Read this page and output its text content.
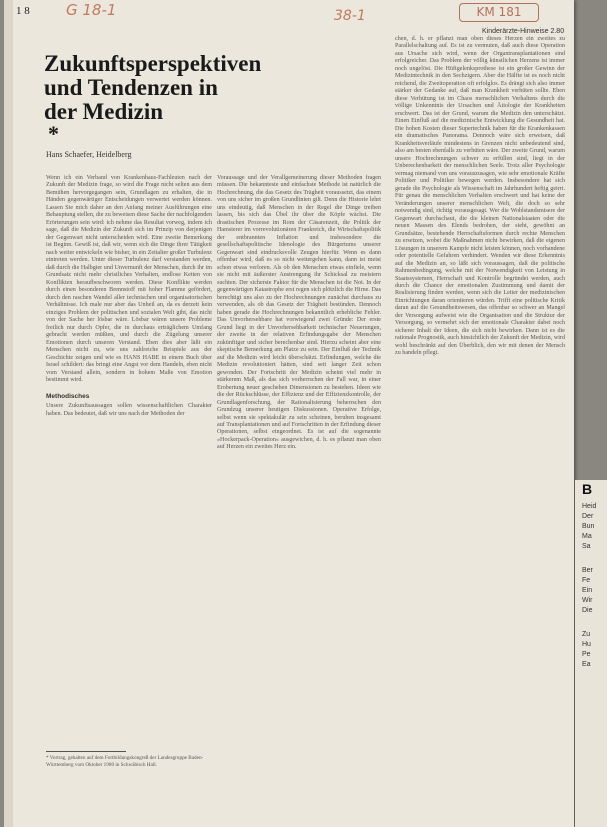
1 8 G 18-1	38-1	KM 181
Kinderärzte-Hinweise 2.80
Zukunftsperspektiven
und Tendenzen in
der Medizin
*
Hans Schaefer, Heidelberg

Wenn ich ein Verband von Krankenhaus-Fachleuten nach der Zukunft der Medizin frage, so wird die Frage nicht selten aus dem Bemühen hervorgegangen sein, Grundlagen zu erhalten, die in Händen gegenwärtiger Entscheidungen verwertet werden können. Lassen Sie mich daher an den Anfang meiner Ausführungen eine Behauptung stellen, die zu beweisen diese Sache der nachfolgenden Erörterungen sein wird: ich nehme das Resultat vorweg, indem ich sage, daß die Medizin der Zukunft sich im Prinzip von derjenigen der Gegenwart nicht unterscheiden wird. Eine zweite Bemerkung ist Beginn. Gewiß ist, daß wir, wenn sich die Dinge ihrer Tätigkeit nach weiter entwickeln wie bisher, in ein Zeitalter großer Turbulenz eintreten werden. Unter dieser Turbulenz darf verstanden werden, daß durch die Halbgier und Unvernunft der Menschen, durch ihr im Grundsatz nicht mehr christliches Verhalten, endlose Ketten von Konflikten heraufbeschworen werden. Diese Konflikte werden durch einen besonderen Brennstoff mit hoher Flamme gefördert, durch den raschen Wandel aller technischen und organisatorischen Verhältnisse. Ich male nur aber das Unheil an, da es derzeit kein einziges Problem der politischen und sozialen Welt gibt, das nicht von der Sache her lösbar wäre. Lösbar wären unsere Probleme freilich nur durch Opfer, die in durchaus erträglichem Umfang gebracht werden müßten, und durch die Zügelung unserer Emotionen durch unseren Verstand. Eben dies aber läßt ein Menschen nicht zu, wie uns zahlreiche Beispiele aus der Geschichte zeigen und wie es HANS HABE in einem Buch über Israel schildert: das bringt eine Angst vor dem Handeln, eben nicht vom Verstand allein, sondern in hohem Maße von Emotion bestimmt wird.

Methodisches

Unsere Zukunftsaussagen sollen wissenschaftlichen Charakter haben. Das bedeutet, daß wir uns nach der Methoden der

Voraussage und der Verallgemeinerung dieser Methoden fragen müssen. Die bekannteste und einfachste Methode ist natürlich die Hochrechnung, die das Gesetz des Trägheit voraussetzt, das einem von uns sicher im großen Grundlinien gilt. Denn die Historie lehrt uns eindeutig, daß Menschen in der Regel die Dinge treiben lassen, bis sich das Übel ihr über die Köpfe wächst. Die drastischen Prozesse im Rom der Cäsarenzeit, die Politik der Hamsterer im vorrevolutionären Frankreich, die Wirtschaftspolitik der entbrannten Inflation und insbesondere die gesellschaftspolitische Idenologie des Bürgertums unserer Gegenwart sind eindrucksvolle Zeugen hierfür. Wenn es dann offenbar wird, daß es so nicht weitergehen kann, dann ist meist schon etwas verloren. Als ob den Menschen etwas einfiele, wenn sie nicht mit äußerster Anstrengung ihr Schicksal zu meistern suchten. Der sicherste Faktor für die Menschen ist die Not. In der gegenwärtigen Katastrophe erst regen sich plötzlich die Hirne. Das berechtigt uns also zu der Hochrechnungen zunächst durchaus zu verwenden, als ob das Gesetz der Trägheit bestünden. Dennoch haben gerade die Hochrechnungen bekanntlich erhebliche Fehler. Das Unvorhersehbare hat vorwiegend zwei Gründe: Der erste Grund liegt in der Unvorhersehbarkeit technischer Neuerungen, der zweite in der relativen Erfindungsgabe der Menschen zukünftiger und sicher berechenbar sind. Hierzu scheint aber eine skeptische Bemerkung am Platze zu sein. Der Einfluß der Technik auf die Medizin wird leicht überschätzt. Erfindungen, welche die Medizin revolutioniert hätten, sind seit langer Zeit schon gewonden. Der Fortschritt der Medizin scheint viel mehr in stärkerem Maß, als das sich vorherrschen der Fall war, in einer Erobertung neuer geschehen Dimensionen zu bestehen. Ideen wie die der Rückschlüsse, der Effizienz und der Effizienzkontrolle, der Grundlagenforschung, der Rationalisierung beherrschen den Grundzug unserer heutigen Diskussionen. Operative Erfolge, selbst wenn sie spektakulär zu sein scheinen, beruhen insgesamt auf Transplantationen und auf Fortschritten in der Erfindung dieser Operationen, selbst eingeordnet. Es ist auf die sogenannte »Hockerpack-Operation« ausgewichen, d. h. es pflanzt man oben auf Herzen ein zweites Herz ein.

chen, d. h. er pflanzt man oben dieses Herzen ein zweites zu Parallelschaltung auf. Es ist zu vermuten, daß auch diese Operation aus Ursache sich wird, wenn der Organtransplantationen sind erfolgreicher. Das Problem der völlig künstlichen Herzens ist immer noch ungelöst. Die Hüftgelenksprothese ist ein großer Gewinn der Medizintechnik in den Sechzigern. Aber die Hälfte ist es noch nicht reichend, die Zweitoperation oft erfolglos. Es drängt sich also immer stärker der Gedanke auf, daß man Krankheit verhüten sollte. Eben diese Verhütung ist im Chaos menschlichen Verhaltens durch die völlige Unkenntnis der Ursachen und Ätiologie der Krankheiten erschwert. Das ist der Grund, warum die Medizin den unterschätzt. Einen Einfluß auf die medizinische Entwicklung die Gesundheit hat. Die hohen Kosten dieser Supertechnik haben für die Krankenkassen ein dramatisches Panorama. Dennoch wäre sich erweisen, daß Krankheitsverläufe mindestens in Grenzen nicht unbedeutend sind, also am besten ebenfalls zu verhüten wäre. Der zweite Grund, warum unsere Hochrechnungen schwer zu erfüllen sind, liegt in der Unberechenbarkeit der menschlichen Seele. Trotz aller Psychologie vermag niemand von uns vorauszusagen, wie sehr emotionale Kräfte Politiker und Politiker bewegen werden. Insbesondere hat sich gerade die Psychologie als Wissenschaft im Jahrhundert heftig geirrt. Für genau die menschlichen Verhalten erschwert und hat keine der Veränderungen unserer menschlichen Welt, die doch so sehr notwendig sind, richtig vorausgesagt. Wer die Wohlstandsmisere der Gegenwart durchschaut, die die kleinen Nationalstaaten oder die neuen Massen des Elends bedrohen, der sieht, gewöhnt an Grundsätze, bestehende Herrschaftsformen durch rechte Menschen zu ersetzen, wobei die Maßnahmen nicht bewirken, daß die eigenen Lösungen in unserem Kampfe nicht leisten können, noch vorhandene oder potentielle Gefahren verhindert. Wenden wir diese Erkenntnis auf die Medizin an, so läßt sich voraussagen, daß die politische Rahmenbedingung, welche mit der Notwendigkeit von Leistung in Staatssystemen, Herrschaft und Kontrolle begründet werden, auch durch die Chance der emotionalen Zustimmung und damit der Realisierung finden werden, wenn sich die Leiter der medizinischen Einrichtungen daran orientieren würden. Trifft eine politische Kritik daran auf die Gesundheitswesen, das offenbar so schwer an Mangel der Versorgung aufweist wie die Organisation und die Struktur der Versorgung, so vermehrt sich der emotionale Charakter dabei noch sicherer Inhalt der Ideen, die sich nicht bewirken. Dann ist es die rationale Prognostik, auch hinsichtlich der Zukunft der Medizin, wird wohl beschränkt auf den Überblick, den wir mit denen der Mensch zu handeln pflegt.

* Vortrag, gehalten auf dem Fortbildungskongreß der Landesgruppe Baden-Württemberg vom Oktober 1980 in Schwäbisch Hall.
B
Heid
Der
Bun
Ma
Sa
Ber
Fe
Ein
Wir
Die
Zu
Hu
Pe
Ea
